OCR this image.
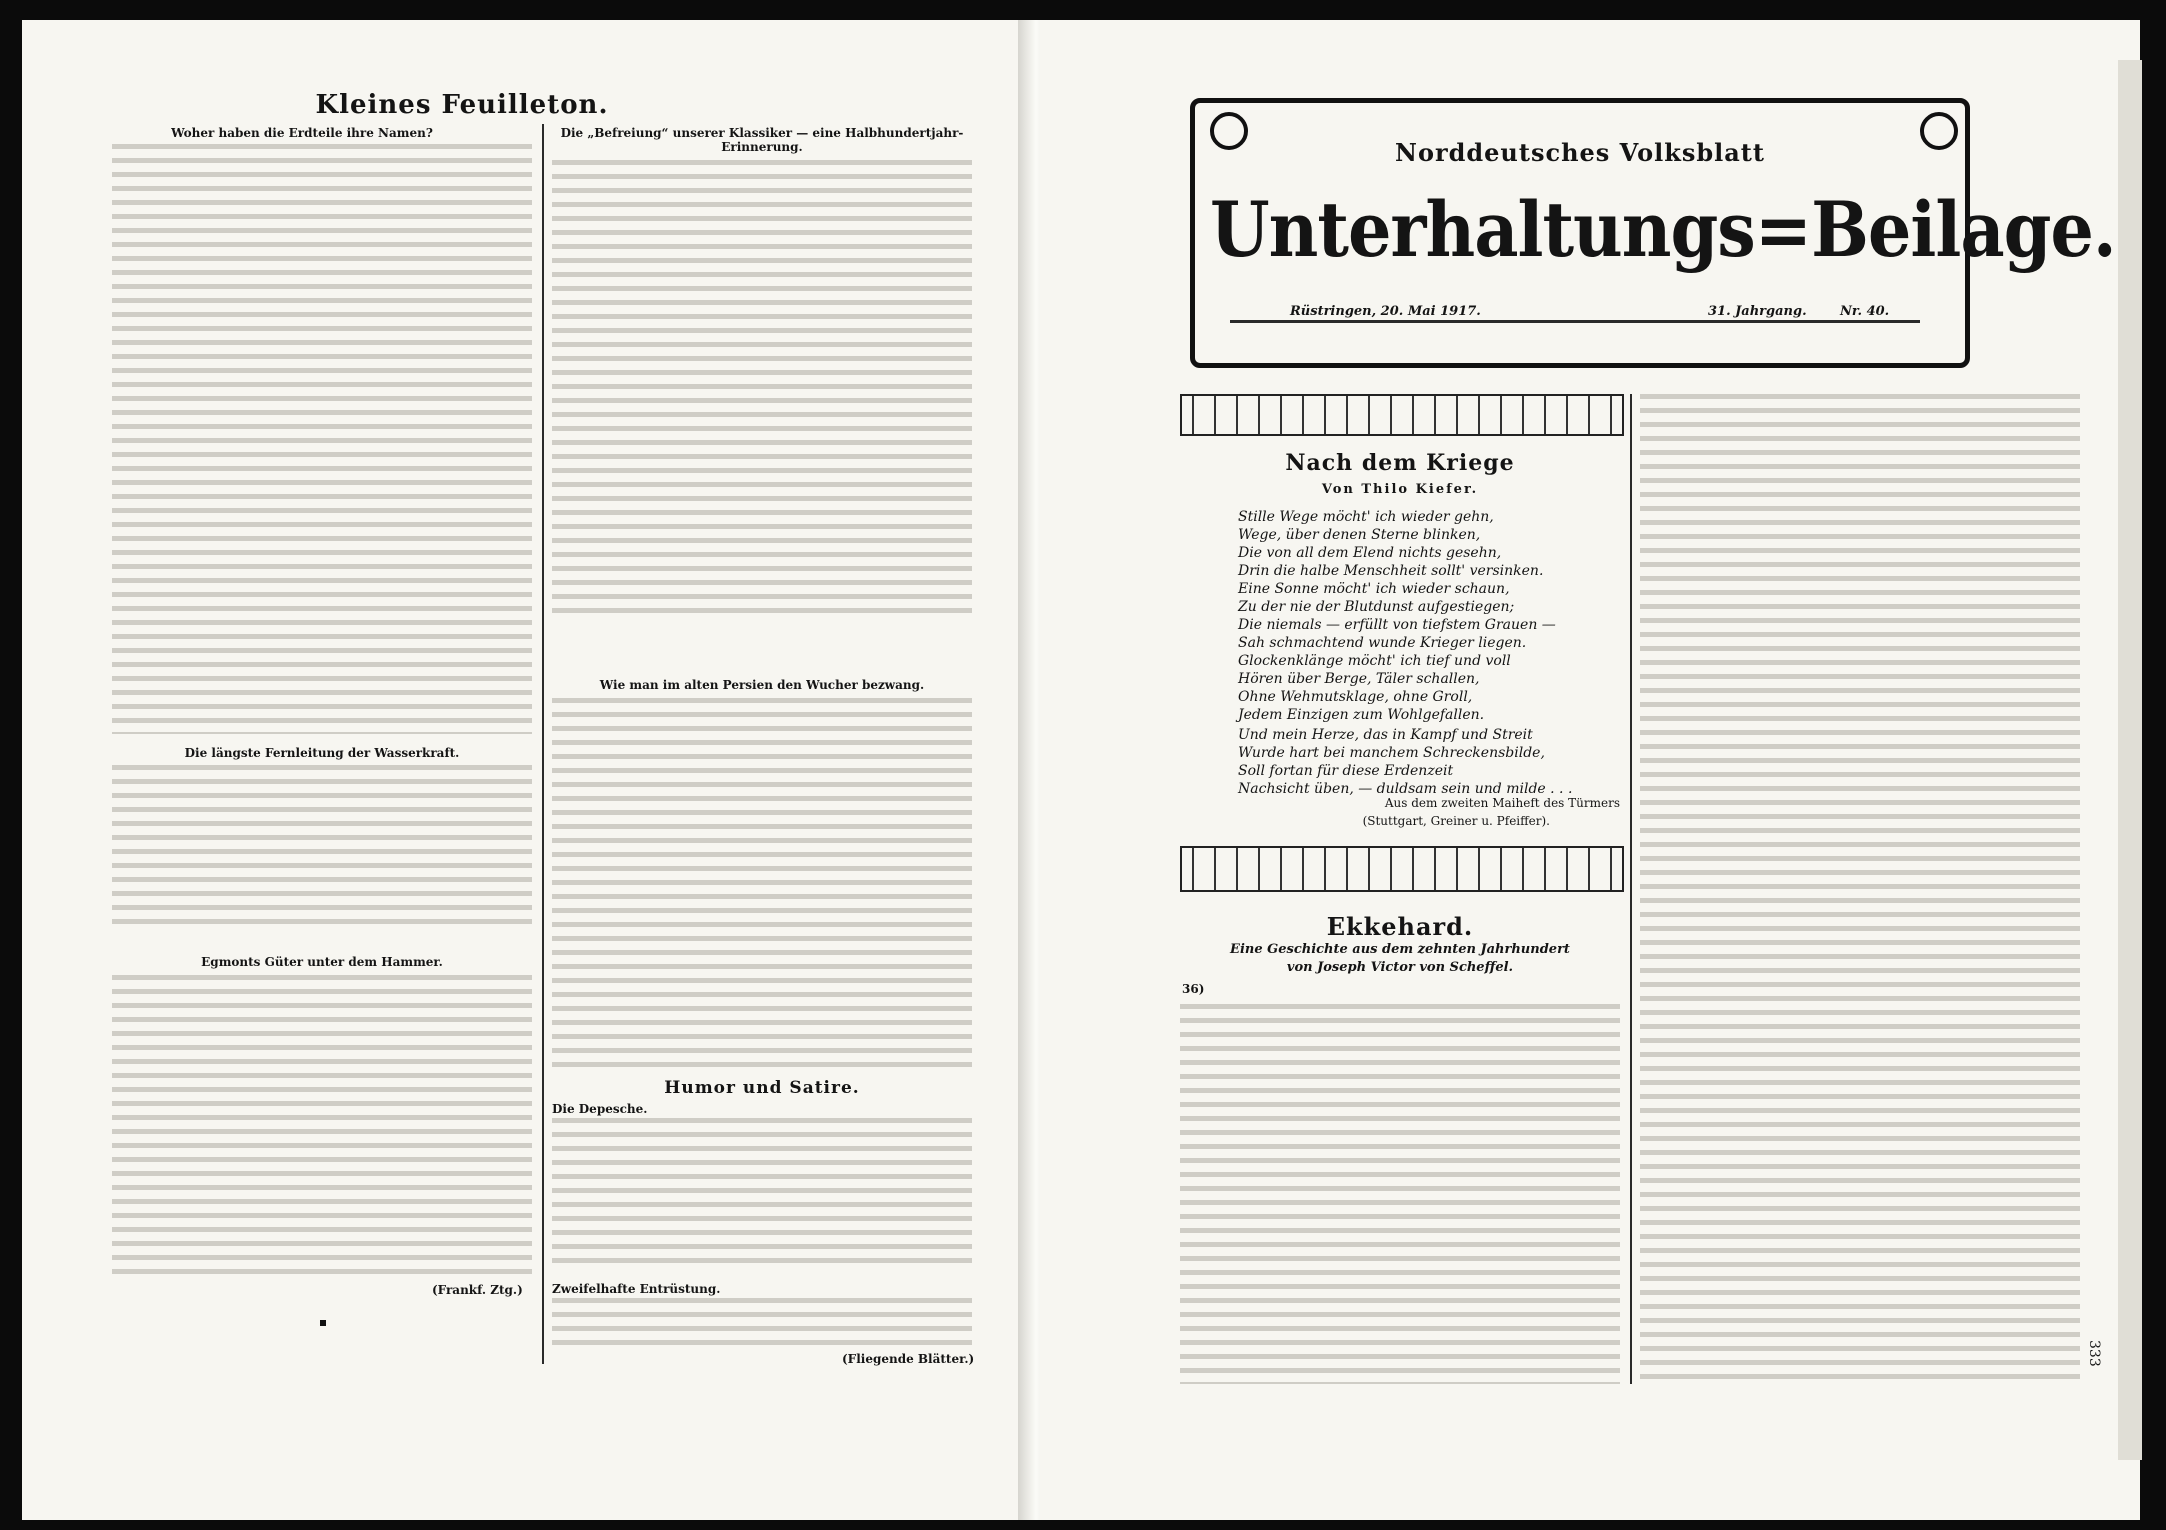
Kleines Feuilleton.
Woher haben die Erdteile ihre Namen?
Die längste Fernleitung der Wasserkraft.
Egmonts Güter unter dem Hammer.
(Frankf. Ztg.)
Die „Befreiung“ unserer Klassiker — eine Halbhundertjahr-Erinnerung.
Wie man im alten Persien den Wucher bezwang.
Humor und Satire.
Die Depesche.
Zweifelhafte Entrüstung.
(Fliegende Blätter.)
Norddeutsches Volksblatt
Unterhaltungs=Beilage.
Rüstringen, 20. Mai 1917.	31. Jahrgang.	Nr. 40.
Nach dem Kriege
Von Thilo Kiefer.
Stille Wege möcht' ich wieder gehn,
Wege, über denen Sterne blinken,
Die von all dem Elend nichts gesehn,
Drin die halbe Menschheit sollt' versinken.
Eine Sonne möcht' ich wieder schaun,
Zu der nie der Blutdunst aufgestiegen;
Die niemals — erfüllt von tiefstem Grauen —
Sah schmachtend wunde Krieger liegen.
Glockenklänge möcht' ich tief und voll
Hören über Berge, Täler schallen,
Ohne Wehmutsklage, ohne Groll,
Jedem Einzigen zum Wohlgefallen.
Und mein Herze, das in Kampf und Streit
Wurde hart bei manchem Schreckensbilde,
Soll fortan für diese Erdenzeit
Nachsicht üben, — duldsam sein und milde . . .
Aus dem zweiten Maiheft des Türmers
(Stuttgart, Greiner u. Pfeiffer).
Ekkehard.
Eine Geschichte aus dem zehnten Jahrhundert
von Joseph Victor von Scheffel.
36)
333
